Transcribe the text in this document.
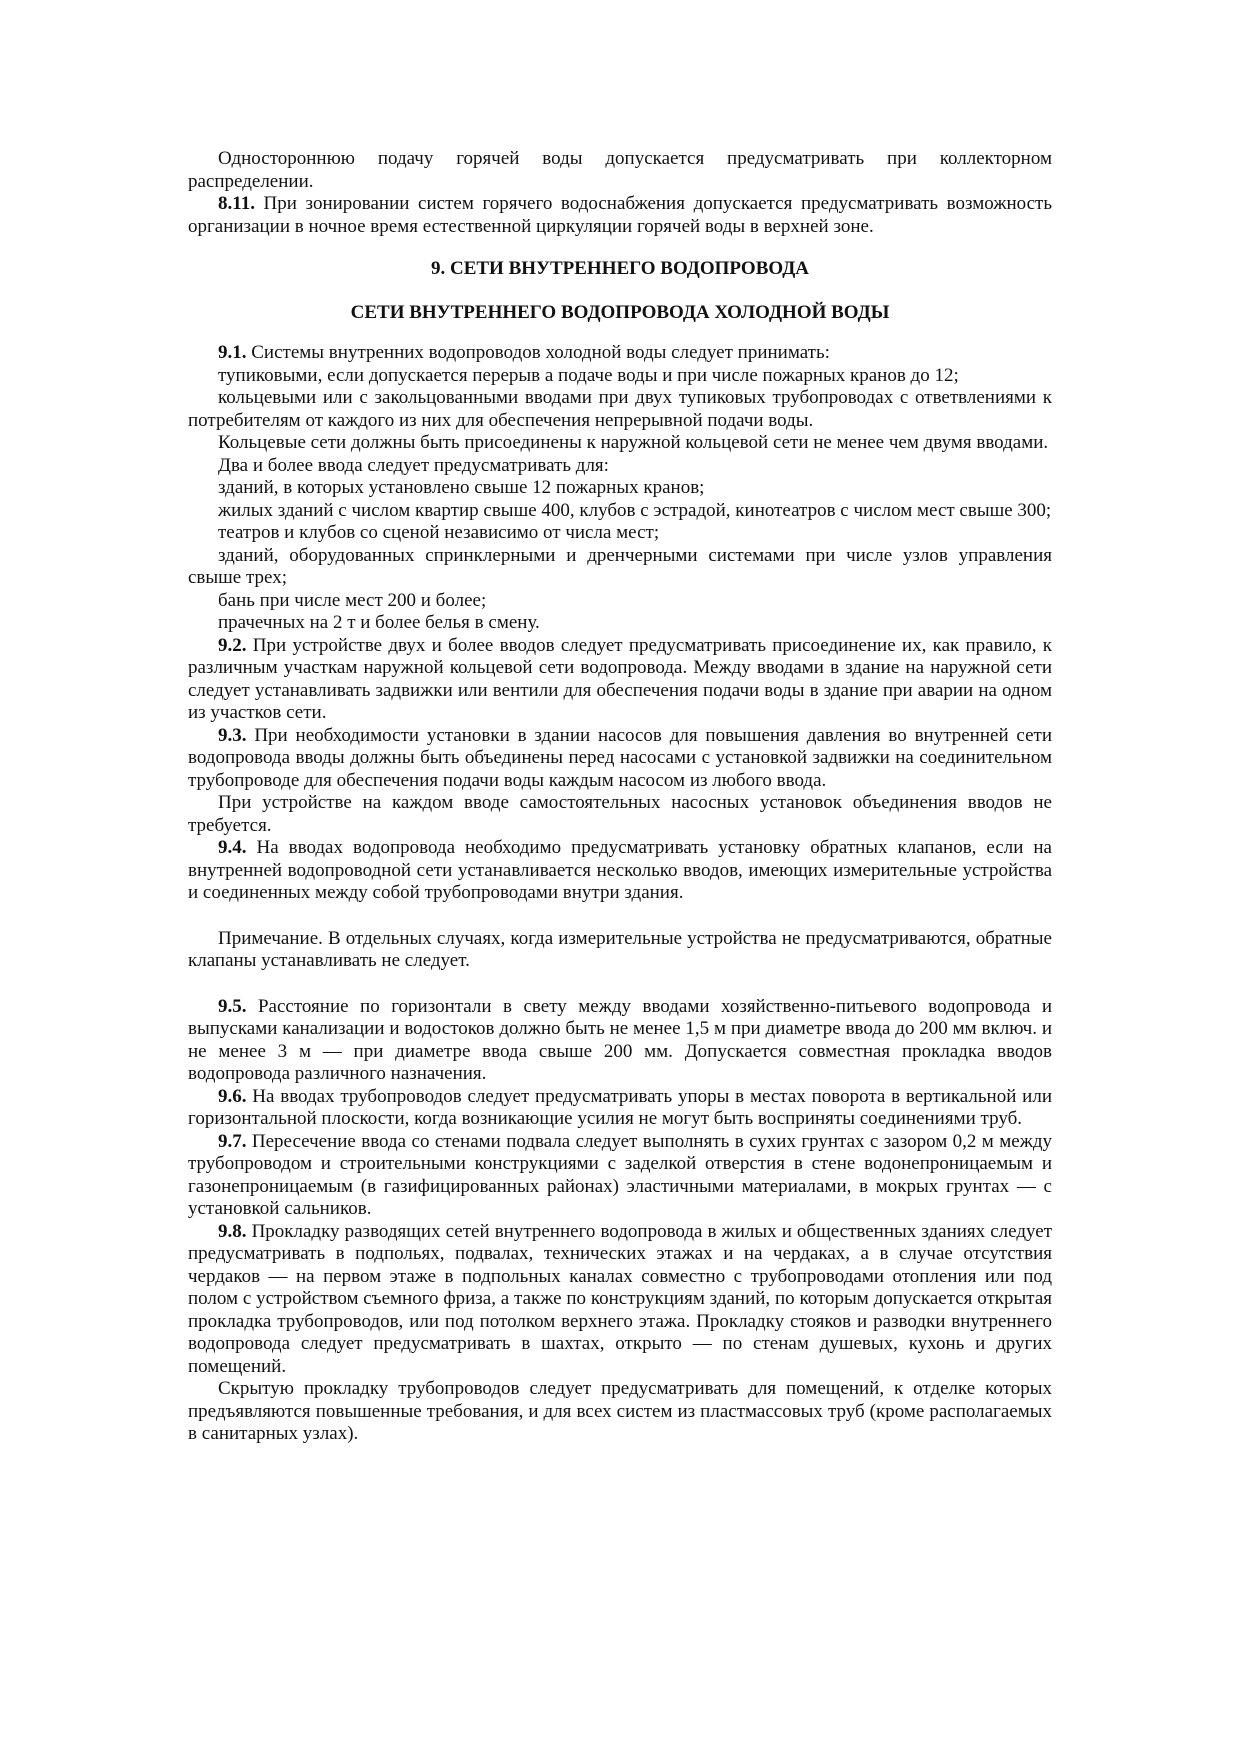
Одностороннюю подачу горячей воды допускается предусматривать при коллекторном распределении.

8.11. При зонировании систем горячего водоснабжения допускается предусматривать возможность организации в ночное время естественной циркуляции горячей воды в верхней зоне.

9. СЕТИ ВНУТРЕННЕГО ВОДОПРОВОДА

СЕТИ ВНУТРЕННЕГО ВОДОПРОВОДА ХОЛОДНОЙ ВОДЫ

9.1. Системы внутренних водопроводов холодной воды следует принимать:

тупиковыми, если допускается перерыв а подаче воды и при числе пожарных кранов до 12;

кольцевыми или с закольцованными вводами при двух тупиковых трубопроводах с ответвлениями к потребителям от каждого из них для обеспечения непрерывной подачи воды.

Кольцевые сети должны быть присоединены к наружной кольцевой сети не менее чем двумя вводами.

Два и более ввода следует предусматривать для:

зданий, в которых установлено свыше 12 пожарных кранов;

жилых зданий с числом квартир свыше 400, клубов с эстрадой, кинотеатров с числом мест свыше 300;

театров и клубов со сценой независимо от числа мест;

зданий, оборудованных спринклерными и дренчерными системами при числе узлов управления свыше трех;

бань при числе мест 200 и более;

прачечных на 2 т и более белья в смену.

9.2. При устройстве двух и более вводов следует предусматривать присоединение их, как правило, к различным участкам наружной кольцевой сети водопровода. Между вводами в здание на наружной сети следует устанавливать задвижки или вентили для обеспечения подачи воды в здание при аварии на одном из участков сети.

9.3. При необходимости установки в здании насосов для повышения давления во внутренней сети водопровода вводы должны быть объединены перед насосами с установкой задвижки на соединительном трубопроводе для обеспечения подачи воды каждым насосом из любого ввода.

При устройстве на каждом вводе самостоятельных насосных установок объединения вводов не требуется.

9.4. На вводах водопровода необходимо предусматривать установку обратных клапанов, если на внутренней водопроводной сети устанавливается несколько вводов, имеющих измерительные устройства и соединенных между собой трубопроводами внутри здания.

Примечание. В отдельных случаях, когда измерительные устройства не предусматриваются, обратные клапаны устанавливать не следует.

9.5. Расстояние по горизонтали в свету между вводами хозяйственно-питьевого водопровода и выпусками канализации и водостоков должно быть не менее 1,5 м при диаметре ввода до 200 мм включ. и не менее 3 м — при диаметре ввода свыше 200 мм. Допускается совместная прокладка вводов водопровода различного назначения.

9.6. На вводах трубопроводов следует предусматривать упоры в местах поворота в вертикальной или горизонтальной плоскости, когда возникающие усилия не могут быть восприняты соединениями труб.

9.7. Пересечение ввода со стенами подвала следует выполнять в сухих грунтах с зазором 0,2 м между трубопроводом и строительными конструкциями с заделкой отверстия в стене водонепроницаемым и газонепроницаемым (в газифицированных районах) эластичными материалами, в мокрых грунтах — с установкой сальников.

9.8. Прокладку разводящих сетей внутреннего водопровода в жилых и общественных зданиях следует предусматривать в подпольях, подвалах, технических этажах и на чердаках, а в случае отсутствия чердаков — на первом этаже в подпольных каналах совместно с трубопроводами отопления или под полом с устройством съемного фриза, а также по конструкциям зданий, по которым допускается открытая прокладка трубопроводов, или под потолком верхнего этажа. Прокладку стояков и разводки внутреннего водопровода следует предусматривать в шахтах, открыто — по стенам душевых, кухонь и других помещений.

Скрытую прокладку трубопроводов следует предусматривать для помещений, к отделке которых предъявляются повышенные требования, и для всех систем из пластмассовых труб (кроме располагаемых в санитарных узлах).
